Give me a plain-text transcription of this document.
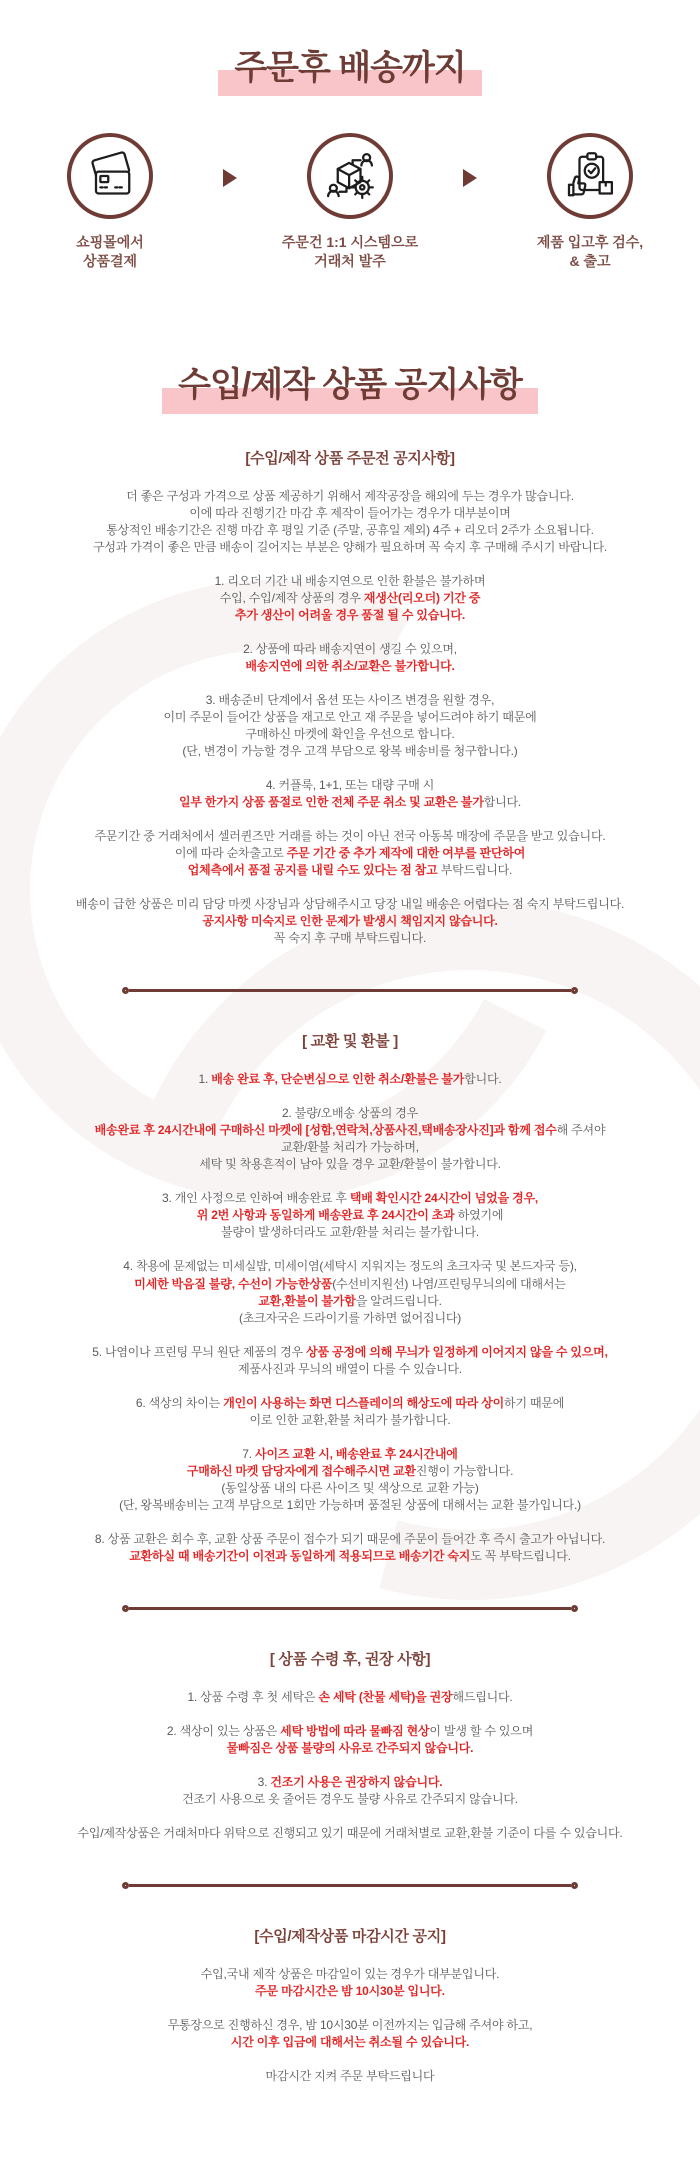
주문후 배송까지
쇼핑몰에서
상품결제
주문건 1:1 시스템으로
거래처 발주
제품 입고후 검수,
& 출고
수입/제작 상품 공지사항
[수입/제작 상품 주문전 공지사항]

더 좋은 구성과 가격으로 상품 제공하기 위해서 제작공장을 해외에 두는 경우가 많습니다.
이에 따라 진행기간 마감 후 제작이 들어가는 경우가 대부분이며
통상적인 배송기간은 진행 마감 후 평일 기준 (주말, 공휴일 제외) 4주 + 리오더 2주가 소요됩니다.
구성과 가격이 좋은 만큼 배송이 길어지는 부분은 양해가 필요하며 꼭 숙지 후 구매해 주시기 바랍니다.

1. 리오더 기간 내 배송지연으로 인한 환불은 불가하며
수입, 수입/제작 상품의 경우 재생산(리오더) 기간 중
추가 생산이 어려울 경우 품절 될 수 있습니다.

2. 상품에 따라 배송지연이 생길 수 있으며,
배송지연에 의한 취소/교환은 불가합니다.

3. 배송준비 단계에서 옵션 또는 사이즈 변경을 원할 경우,
이미 주문이 들어간 상품을 재고로 안고 재 주문을 넣어드려야 하기 때문에
구매하신 마켓에 확인을 우선으로 합니다.
(단, 변경이 가능할 경우 고객 부담으로 왕복 배송비를 청구합니다.)

4. 커플룩, 1+1, 또는 대량 구매 시
일부 한가지 상품 품절로 인한 전체 주문 취소 및 교환은 불가합니다.

주문기간 중 거래처에서 셀러퀸즈만 거래를 하는 것이 아닌 전국 아동복 매장에 주문을 받고 있습니다.
이에 따라 순차출고로 주문 기간 중 추가 제작에 대한 여부를 판단하여
업체측에서 품절 공지를 내릴 수도 있다는 점 참고 부탁드립니다.

배송이 급한 상품은 미리 담당 마켓 사장님과 상담해주시고 당장 내일 배송은 어렵다는 점 숙지 부탁드립니다.
공지사항 미숙지로 인한 문제가 발생시 책임지지 않습니다.
꼭 숙지 후 구매 부탁드립니다.

[ 교환 및 환불 ]

1. 배송 완료 후, 단순변심으로 인한 취소/환불은 불가합니다.

2. 불량/오배송 상품의 경우
배송완료 후 24시간내에 구매하신 마켓에 [성함,연락처,상품사진,택배송장사진]과 함께 접수해 주셔야
교환/환불 처리가 가능하며,
세탁 및 착용흔적이 남아 있을 경우 교환/환불이 불가합니다.

3. 개인 사정으로 인하여 배송완료 후 택배 확인시간 24시간이 넘었을 경우,
위 2번 사항과 동일하게 배송완료 후 24시간이 초과 하였기에
불량이 발생하더라도 교환/환불 처리는 불가합니다.

4. 착용에 문제없는 미세실밥, 미세이염(세탁시 지워지는 정도의 초크자국 및 본드자국 등),
미세한 박음질 불량, 수선이 가능한상품(수선비지원선) 나염/프린팅무늬의에 대해서는
교환,환불이 불가함을 알려드립니다.
(초크자국은 드라이기를 가하면 없어집니다)

5. 나염이나 프린팅 무늬 원단 제품의 경우 상품 공정에 의해 무늬가 일정하게 이어지지 않을 수 있으며,
제품사진과 무늬의 배열이 다를 수 있습니다.

6. 색상의 차이는 개인이 사용하는 화면 디스플레이의 해상도에 따라 상이하기 때문에
이로 인한 교환,환불 처리가 불가합니다.

7. 사이즈 교환 시, 배송완료 후 24시간내에
구매하신 마켓 담당자에게 접수해주시면 교환진행이 가능합니다.
(동일상품 내의 다른 사이즈 및 색상으로 교환 가능)
(단, 왕복배송비는 고객 부담으로 1회만 가능하며 품절된 상품에 대해서는 교환 불가입니다.)

8. 상품 교환은 회수 후, 교환 상품 주문이 접수가 되기 때문에 주문이 들어간 후 즉시 출고가 아닙니다.
교환하실 때 배송기간이 이전과 동일하게 적용되므로 배송기간 숙지도 꼭 부탁드립니다.

[ 상품 수령 후, 권장 사항]

1. 상품 수령 후 첫 세탁은 손 세탁 (찬물 세탁)을 권장해드립니다.

2. 색상이 있는 상품은 세탁 방법에 따라 물빠짐 현상이 발생 할 수 있으며
물빠짐은 상품 불량의 사유로 간주되지 않습니다.

3. 건조기 사용은 권장하지 않습니다.
건조기 사용으로 옷 줄어든 경우도 불량 사유로 간주되지 않습니다.

수입/제작상품은 거래처마다 위탁으로 진행되고 있기 때문에 거래처별로 교환,환불 기준이 다를 수 있습니다.

[수입/제작상품 마감시간 공지]

수입,국내 제작 상품은 마감일이 있는 경우가 대부분입니다.
주문 마감시간은 밤 10시30분 입니다.

무통장으로 진행하신 경우, 밤 10시30분 이전까지는 입금해 주셔야 하고,
시간 이후 입금에 대해서는 취소될 수 있습니다.

마감시간 지켜 주문 부탁드립니다
